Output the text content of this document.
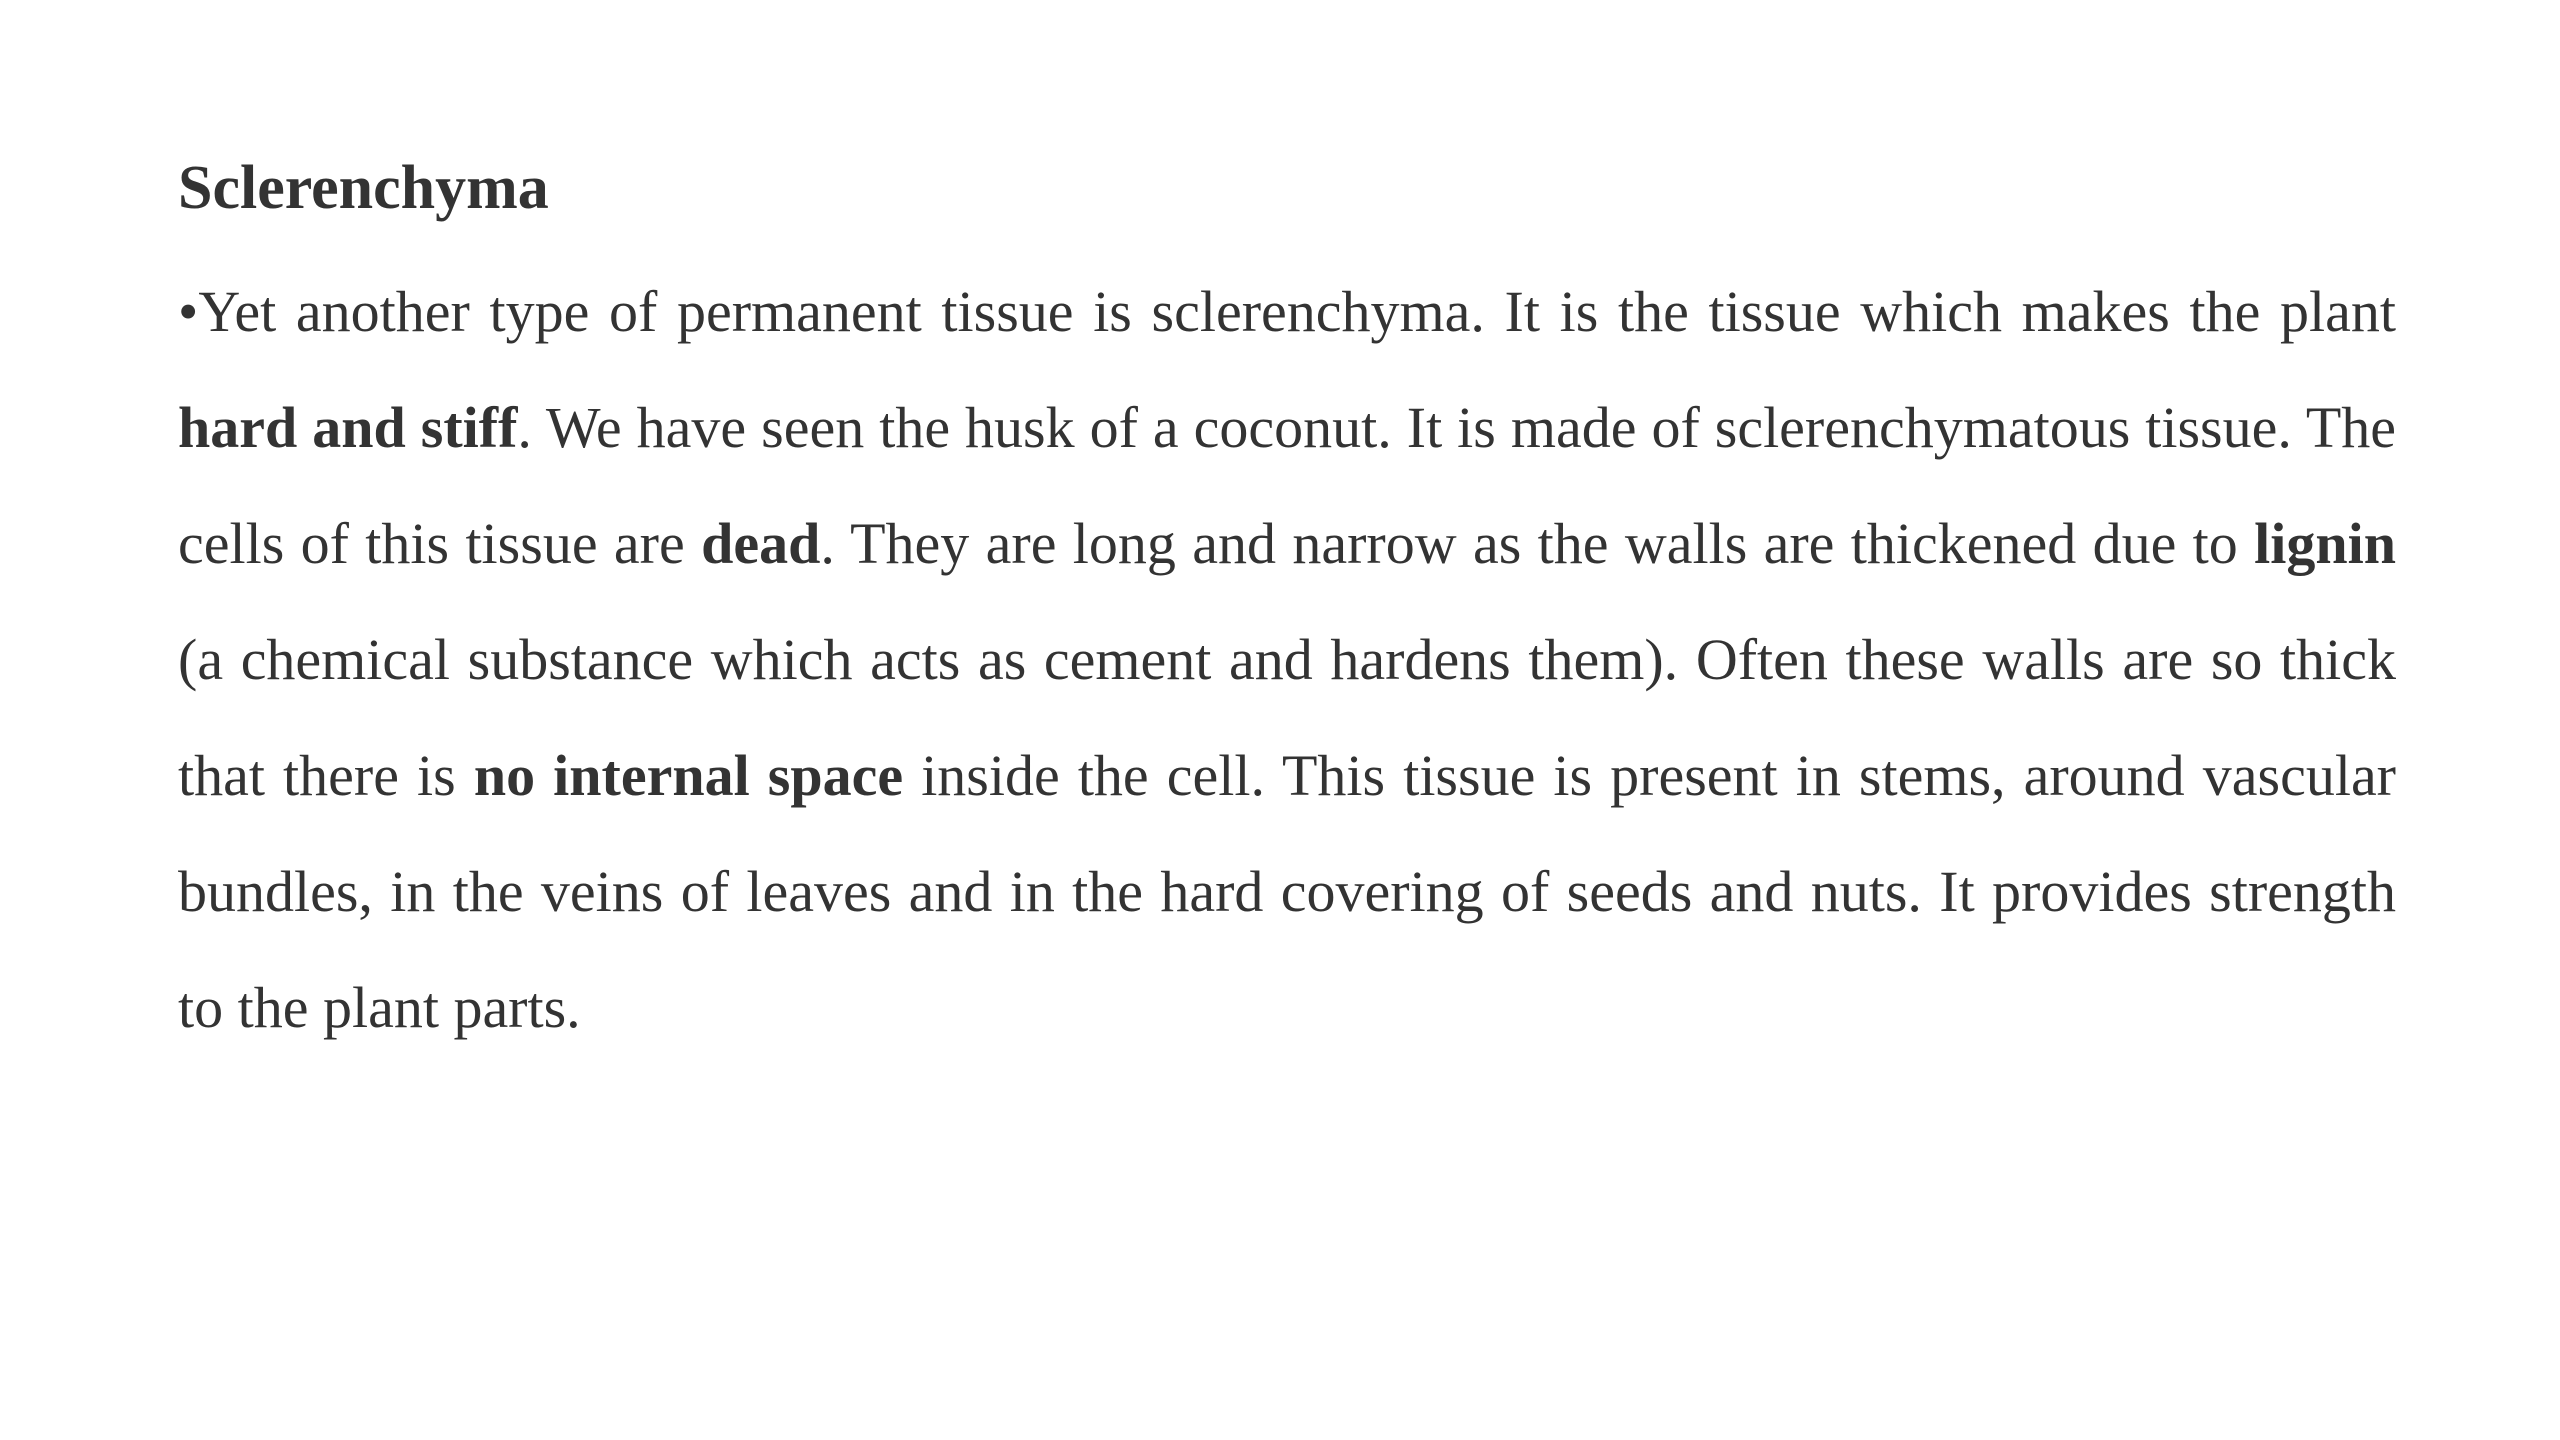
Sclerenchyma

•Yet another type of permanent tissue is sclerenchyma. It is the tissue which makes the plant hard and stiff. We have seen the husk of a coconut. It is made of sclerenchymatous tissue. The cells of this tissue are dead. They are long and narrow as the walls are thickened due to lignin (a chemical substance which acts as cement and hardens them). Often these walls are so thick that there is no internal space inside the cell. This tissue is present in stems, around vascular bundles, in the veins of leaves and in the hard covering of seeds and nuts. It provides strength to the plant parts.
